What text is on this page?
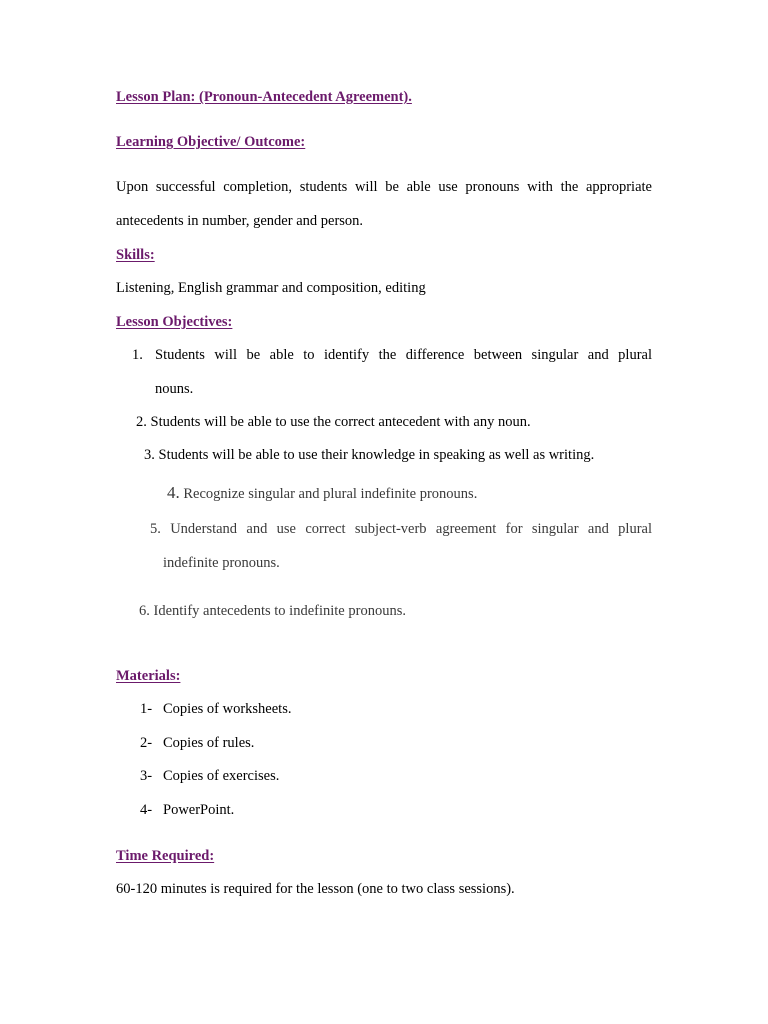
Lesson Plan: (Pronoun-Antecedent Agreement).
Learning Objective/ Outcome:
Upon successful completion, students will be able use pronouns with the appropriate
antecedents in number, gender and person.
Skills:
Listening, English grammar and composition, editing
Lesson Objectives:
1. Students will be able to identify the difference between singular and plural
nouns.
2. Students will be able to use the correct antecedent with any noun.
3. Students will be able to use their knowledge in speaking as well as writing.
4. Recognize singular and plural indefinite pronouns.
5. Understand and use correct subject-verb agreement for singular and plural
indefinite pronouns.
6. Identify antecedents to indefinite pronouns.
Materials:
1- Copies of worksheets.
2- Copies of rules.
3- Copies of exercises.
4- PowerPoint.
Time Required:
60-120 minutes is required for the lesson (one to two class sessions).
